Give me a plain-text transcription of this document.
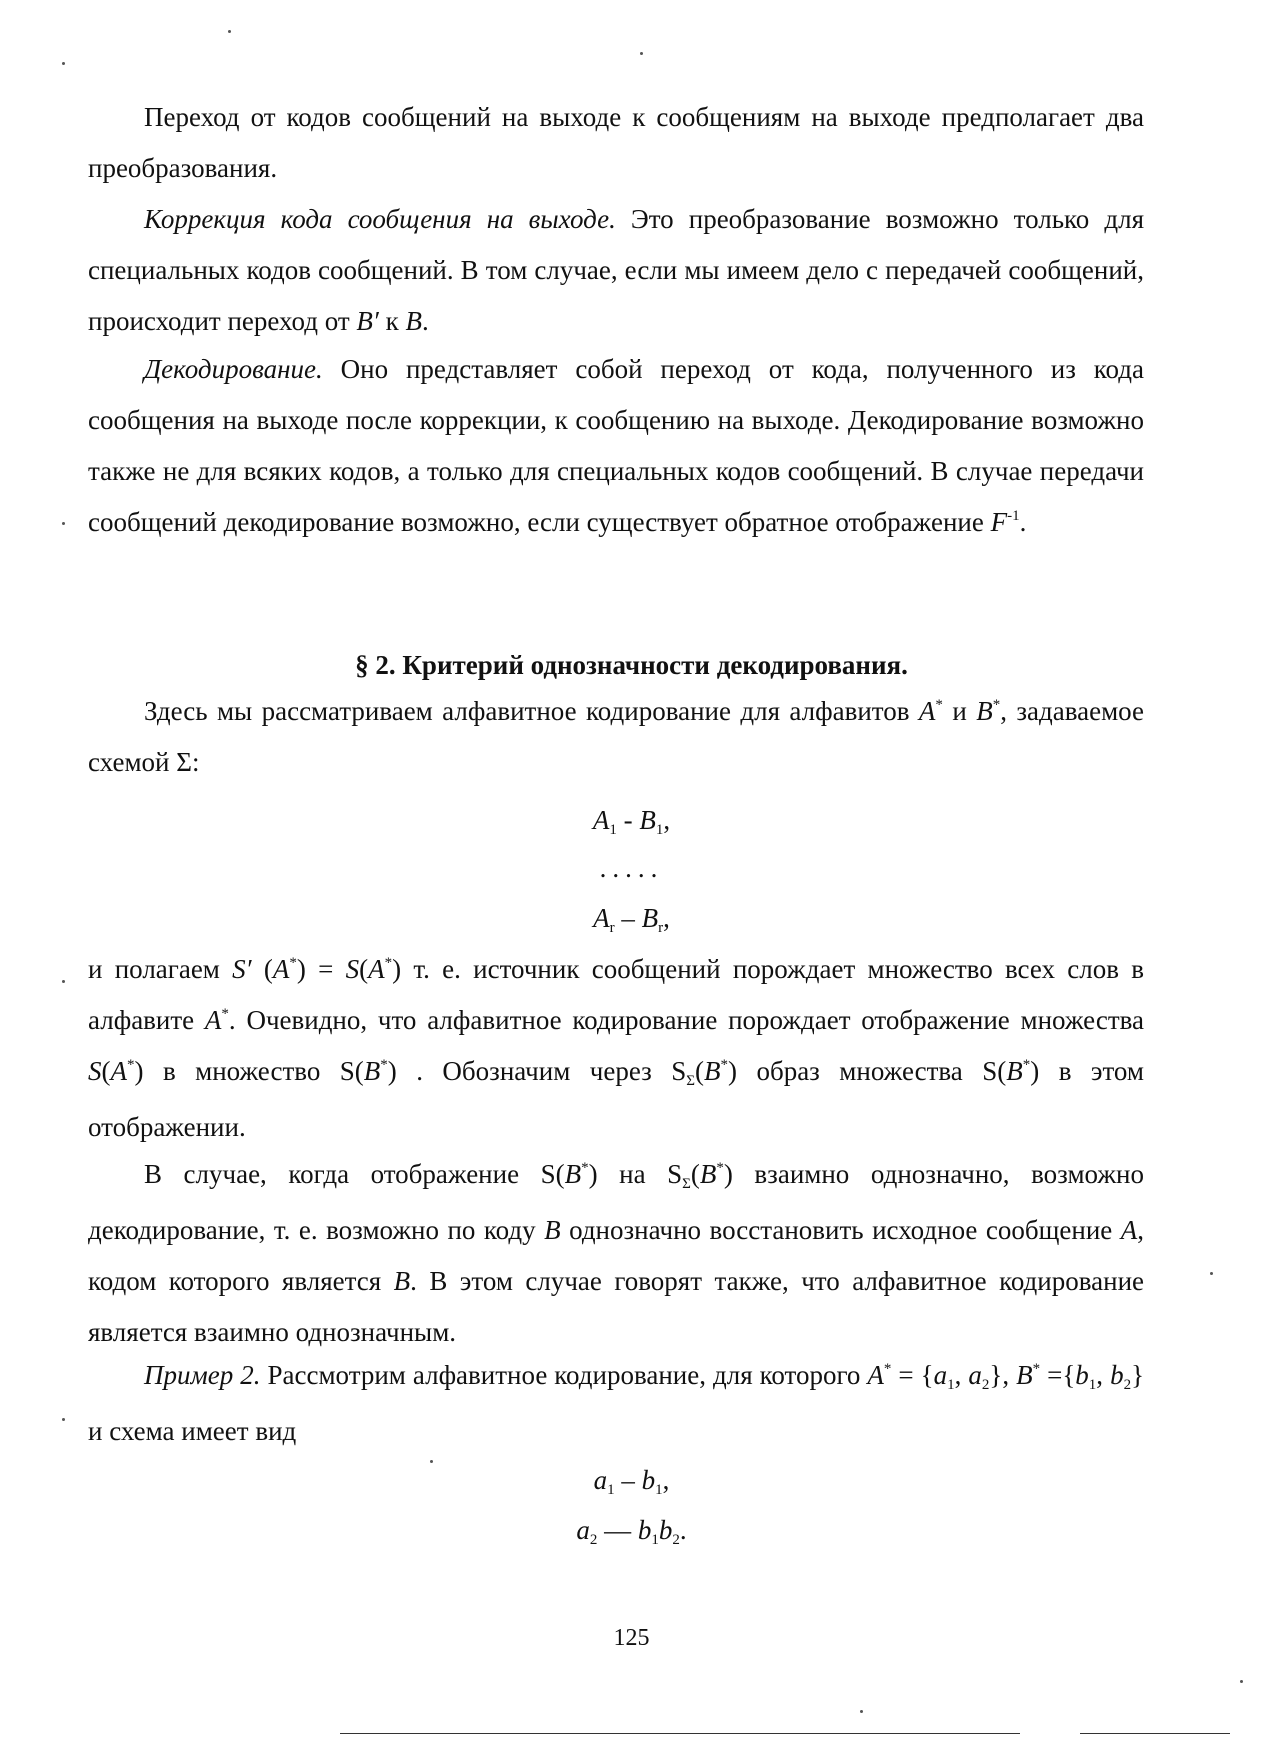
Переход от кодов сообщений на выходе к сообщениям на выходе предполагает два преобразования.
Коррекция кода сообщения на выходе. Это преобразование возможно только для специальных кодов сообщений. В том случае, если мы имеем дело с передачей сообщений, происходит переход от B′ к B.
Декодирование. Оно представляет собой переход от кода, полученного из кода сообщения на выходе после коррекции, к сообщению на выходе. Декодирование возможно также не для всяких кодов, а только для специальных кодов сообщений. В случае передачи сообщений декодирование возможно, если существует обратное отображение $F^{-1}$.
§ 2. Критерий однозначности декодирования.
Здесь мы рассматриваем алфавитное кодирование для алфавитов A* и B*, задаваемое схемой Σ:
$A_1 - B_1$,
.....
$A_r - B_r$,
и полагаем S′ (A*) = S(A*) т. е. источник сообщений порождает множество всех слов в алфавите A*. Очевидно, что алфавитное кодирование порождает отображение множества S(A*) в множество S(B*) . Обозначим через $S_\Sigma(B^*)$ образ множества S(B*) в этом отображении.
В случае, когда отображение S(B*) на $S_\Sigma(B^*)$ взаимно однозначно, возможно декодирование, т. е. возможно по коду B однозначно восстановить исходное сообщение A, кодом которого является B. В этом случае говорят также, что алфавитное кодирование является взаимно однозначным.
Пример 2. Рассмотрим алфавитное кодирование, для которого $A^* = \{a_1$, $a_2$}, $B^* =\{b_1$, $b_2$} и схема имеет вид
$a_1 - b_1$,
$a_2$ — $b_1b_2$.
125
